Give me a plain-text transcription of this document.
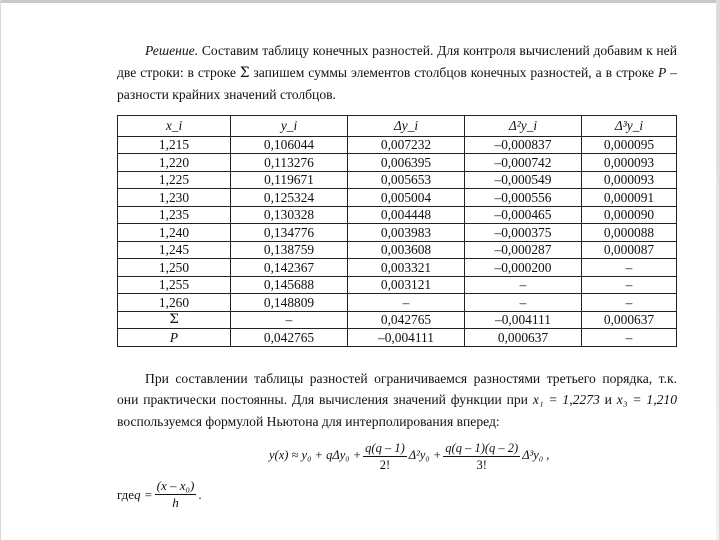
Решение. Составим таблицу конечных разностей. Для контроля вычислений добавим к ней две строки: в строке Σ запишем суммы элементов столбцов конечных разностей, а в строке P – разности крайних значений столбцов.

x_i	y_i	Δy_i	Δ²y_i	Δ³y_i
1,215	0,106044	0,007232	–0,000837	0,000095
1,220	0,113276	0,006395	–0,000742	0,000093
1,225	0,119671	0,005653	–0,000549	0,000093
1,230	0,125324	0,005004	–0,000556	0,000091
1,235	0,130328	0,004448	–0,000465	0,000090
1,240	0,134776	0,003983	–0,000375	0,000088
1,245	0,138759	0,003608	–0,000287	0,000087
1,250	0,142367	0,003321	–0,000200	–
1,255	0,145688	0,003121	–	–
1,260	0,148809	–	–	–
Σ	–	0,042765	–0,004111	0,000637
P	0,042765	–0,004111	0,000637	–

При составлении таблицы разностей ограничиваемся разностями третьего порядка, т.к. они практически постоянны. Для вычисления значений функции при x₁ = 1,2273 и x₃ = 1,210 воспользуемся формулой Ньютона для интерполирования вперед:

$y(x) \approx y_0 + q\Delta y_0 + \frac{q(q - 1)}{2!} \Delta^2y_0 + \frac{q(q - 1)(q - 2)}{3!} \Delta^3y_0$ ,
где $q = \frac{\text{(x – x₀)}}{h}$ .
